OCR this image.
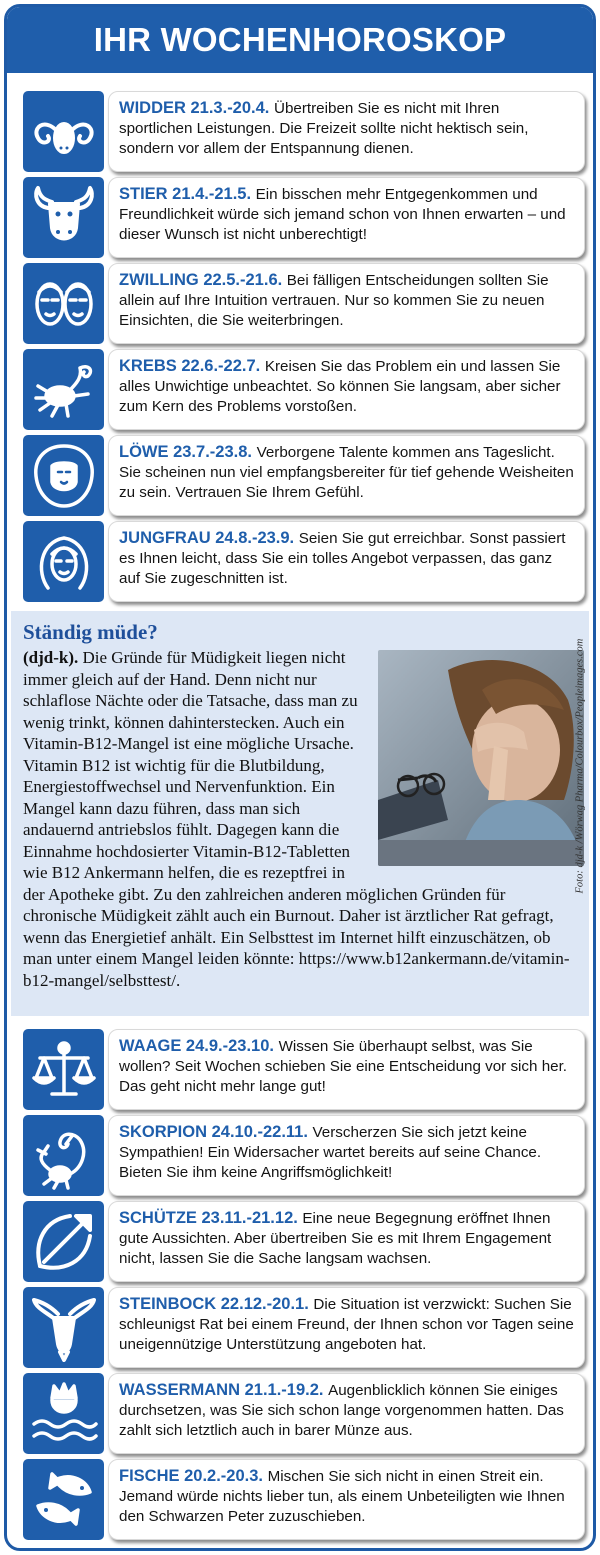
IHR WOCHENHOROSKOP
WIDDER 21.3.-20.4. Übertreiben Sie es nicht mit Ihren sportlichen Leistungen. Die Freizeit sollte nicht hektisch sein, sondern vor allem der Entspannung dienen.
STIER 21.4.-21.5. Ein bisschen mehr Entgegenkommen und Freundlichkeit würde sich jemand schon von Ihnen erwarten – und dieser Wunsch ist nicht unberechtigt!
ZWILLING 22.5.-21.6. Bei fälligen Entscheidungen sollten Sie allein auf Ihre Intuition vertrauen. Nur so kommen Sie zu neuen Einsichten, die Sie weiterbringen.
KREBS 22.6.-22.7. Kreisen Sie das Problem ein und lassen Sie alles Unwichtige unbeachtet. So können Sie langsam, aber sicher zum Kern des Problems vorstoßen.
LÖWE 23.7.-23.8. Verborgene Talente kommen ans Tageslicht. Sie scheinen nun viel empfangsbereiter für tief gehende Weisheiten zu sein. Vertrauen Sie Ihrem Gefühl.
JUNGFRAU 24.8.-23.9. Seien Sie gut erreichbar. Sonst passiert es Ihnen leicht, dass Sie ein tolles Angebot verpassen, das ganz auf Sie zugeschnitten ist.
Ständig müde?
(djd-k). Die Gründe für Müdigkeit liegen nicht immer gleich auf der Hand. Denn nicht nur schlaflose Nächte oder die Tatsache, dass man zu wenig trinkt, können dahinterstecken. Auch ein Vitamin-B12-Mangel ist eine mögliche Ursache. Vitamin B12 ist wichtig für die Blutbildung, Energiestoffwechsel und Nervenfunktion. Ein Mangel kann dazu führen, dass man sich andauernd antriebslos fühlt. Dagegen kann die Einnahme hochdosierter Vitamin-B12-Tabletten wie B12 Ankermann helfen, die es rezeptfrei in der Apotheke gibt. Zu den zahlreichen anderen möglichen Gründen für chronische Müdigkeit zählt auch ein Burnout. Daher ist ärztlicher Rat gefragt, wenn das Energietief anhält. Ein Selbsttest im Internet hilft einzuschätzen, ob man unter einem Mangel leiden könnte: https://www.b12ankermann.de/vitamin-b12-mangel/selbsttest/.
Foto: djd-k /Wörwag Pharma/Colourbox/Peopleimages.com
WAAGE 24.9.-23.10. Wissen Sie überhaupt selbst, was Sie wollen? Seit Wochen schieben Sie eine Entscheidung vor sich her. Das geht nicht mehr lange gut!
SKORPION 24.10.-22.11. Verscherzen Sie sich jetzt keine Sympathien! Ein Widersacher wartet bereits auf seine Chance. Bieten Sie ihm keine Angriffsmöglichkeit!
SCHÜTZE 23.11.-21.12. Eine neue Begegnung eröffnet Ihnen gute Aussichten. Aber übertreiben Sie es mit Ihrem Engagement nicht, lassen Sie die Sache langsam wachsen.
STEINBOCK 22.12.-20.1. Die Situation ist verzwickt: Suchen Sie schleunigst Rat bei einem Freund, der Ihnen schon vor Tagen seine uneigennützige Unterstützung angeboten hat.
WASSERMANN 21.1.-19.2. Augenblicklich können Sie einiges durchsetzen, was Sie sich schon lange vorgenommen hatten. Das zahlt sich letztlich auch in barer Münze aus.
FISCHE 20.2.-20.3. Mischen Sie sich nicht in einen Streit ein. Jemand würde nichts lieber tun, als einem Unbeteiligten wie Ihnen den Schwarzen Peter zuzuschieben.
